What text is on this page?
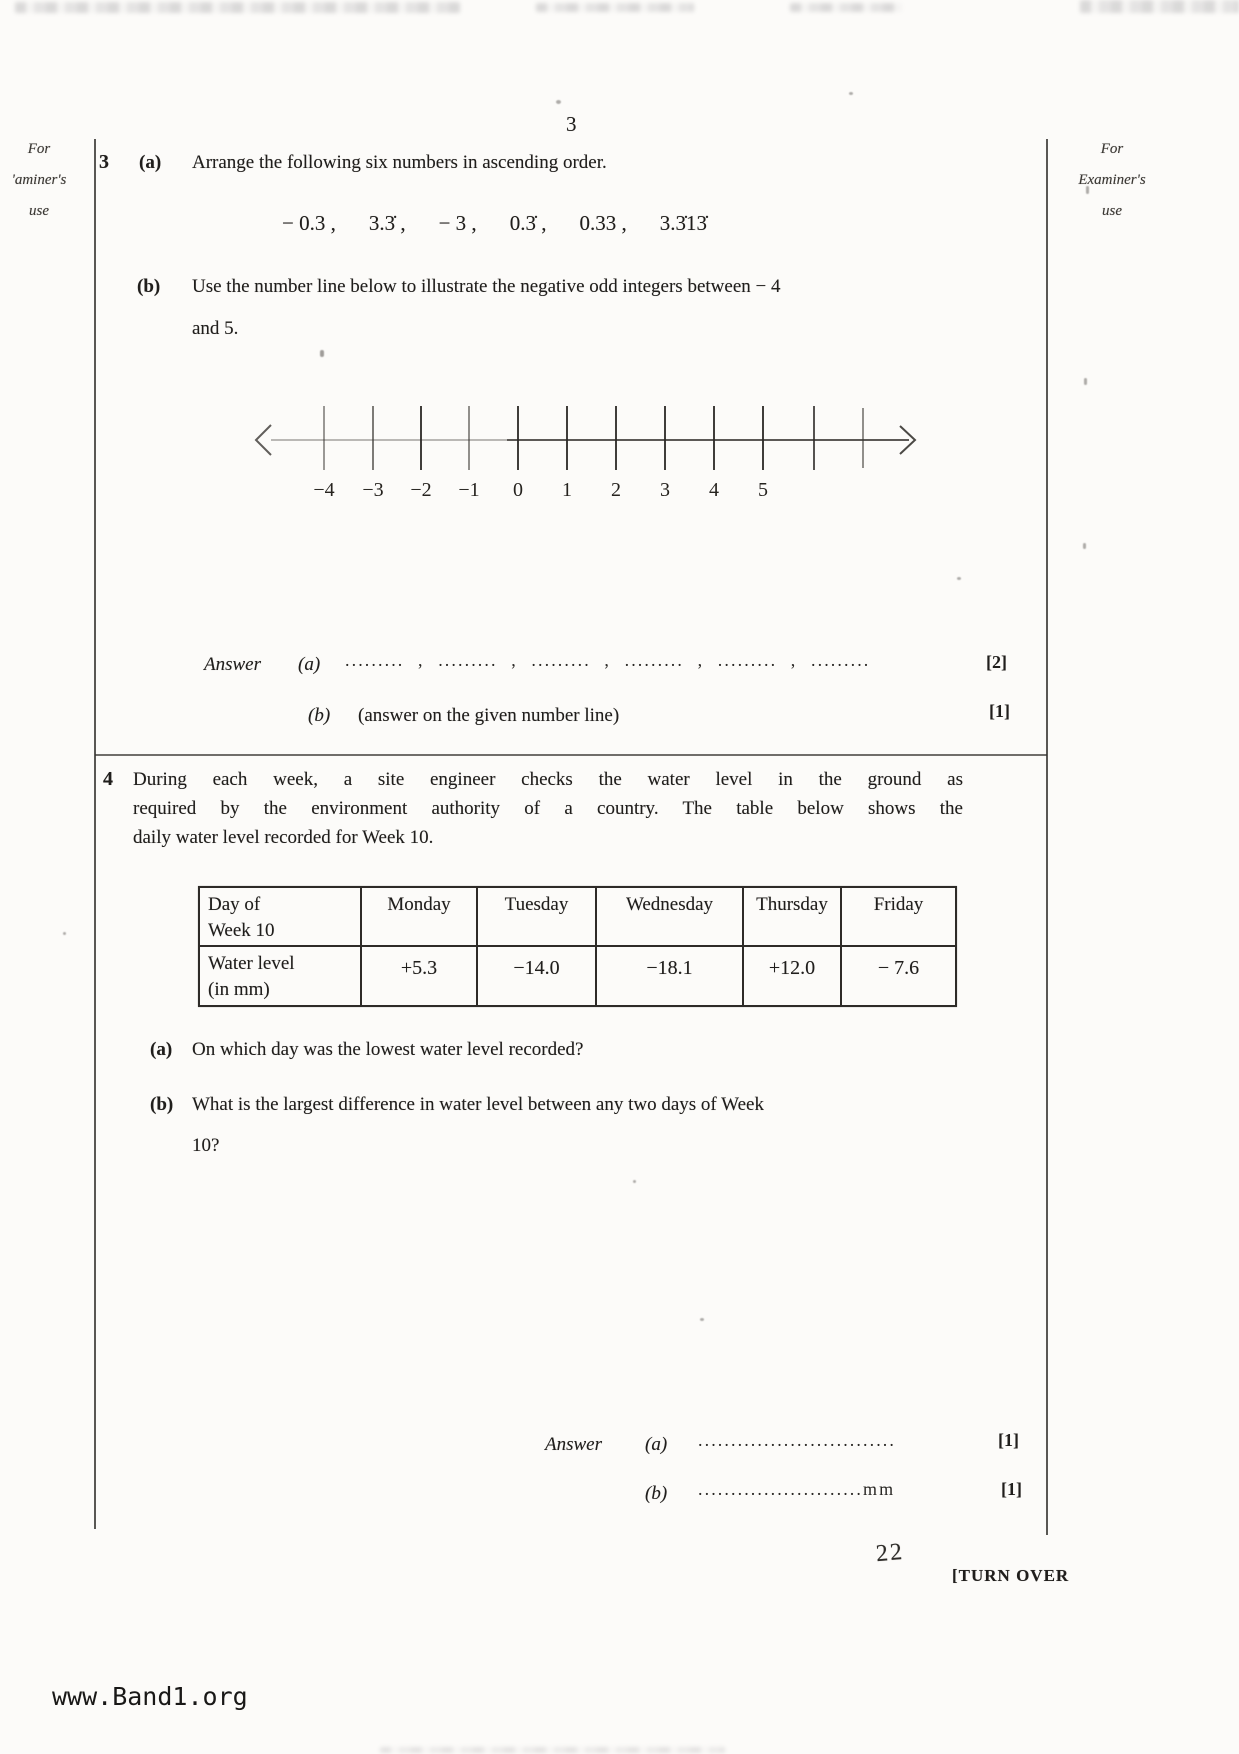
3
For
'aminer's
use
For
Examiner's
use
3 (a) Arrange the following six numbers in ascending order.
− 0.3 , 3.3̇ , − 3 , 0.3̇ , 0.33 , 3.3̇13̇
(b) Use the number line below to illustrate the negative odd integers between − 4
and 5.
−4 −3 −2 −1 0 1 2 3 4 5
Answer (a) ......... , ......... , ......... , ......... , ......... , .........	[2]
(b) (answer on the given number line)	[1]
4 During each week, a site engineer checks the water level in the ground as
required by the environment authority of a country. The table below shows the
daily water level recorded for Week 10.
Day of
Week 10
Monday	Tuesday	Wednesday	Thursday	Friday
Water level
(in mm)
+5.3	−14.0	−18.1	+12.0	− 7.6
(a) On which day was the lowest water level recorded?
(b) What is the largest difference in water level between any two days of Week
10?
Answer (a) ..............................	[1]
(b) .........................mm	[1]
22
[TURN OVER
www.Band1.org
